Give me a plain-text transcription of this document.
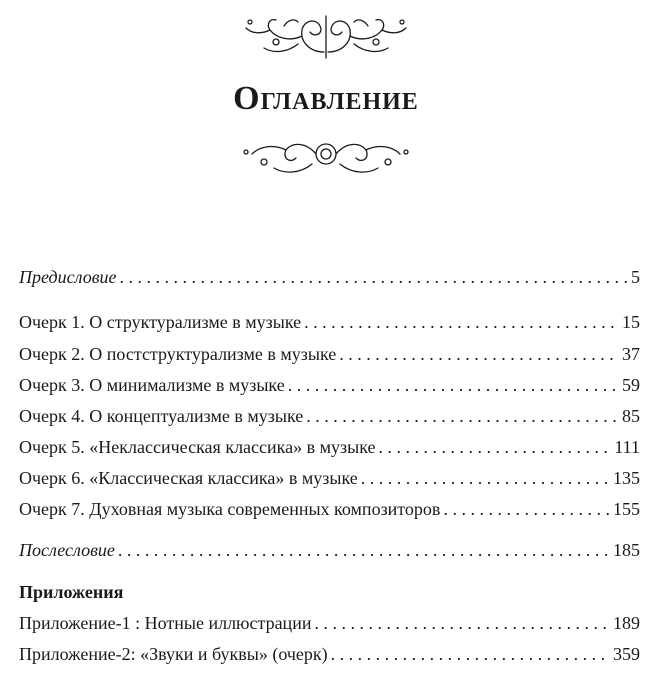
Оглавление
Предисловие . . .	5
Очерк 1. О структурализме в музыке . . .	15
Очерк 2. О постструктурализме в музыке . . .	37
Очерк 3. О минимализме в музыке . . .	59
Очерк 4. О концептуализме в музыке . . .	85
Очерк 5. «Неклассическая классика» в музыке . . .	111
Очерк 6. «Классическая классика» в музыке . . .	135
Очерк 7. Духовная музыка современных композиторов . . .	155
Послесловие . . .	185
Приложения
Приложение-1 : Нотные иллюстрации . . .	189
Приложение-2: «Звуки и буквы» (очерк) . . .	359
